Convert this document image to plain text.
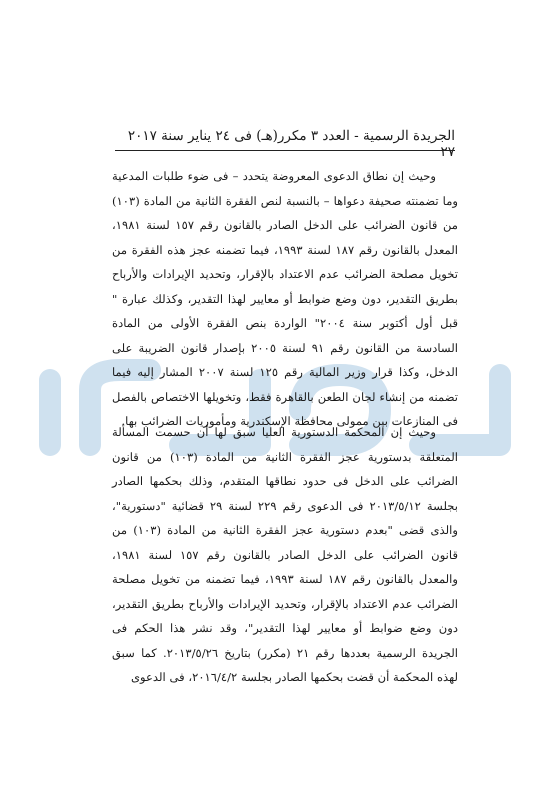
الجريدة الرسمية - العدد ٣ مكرر(هـ) فى ٢٤ يناير سنة ٢٠١٧ ٢٧

وحيث إن نطاق الدعوى المعروضة يتحدد – فى ضوء طلبات المدعية وما تضمنته صحيفة دعواها – بالنسبة لنص الفقرة الثانية من المادة (١٠٣) من قانون الضرائب على الدخل الصادر بالقانون رقم ١٥٧ لسنة ١٩٨١، المعدل بالقانون رقم ١٨٧ لسنة ١٩٩٣، فيما تضمنه عجز هذه الفقرة من تخويل مصلحة الضرائب عدم الاعتداد بالإقرار، وتحديد الإيرادات والأرباح بطريق التقدير، دون وضع ضوابط أو معايير لهذا التقدير، وكذلك عبارة " قبل أول أكتوبر سنة ٢٠٠٤" الواردة بنص الفقرة الأولى من المادة السادسة من القانون رقم ٩١ لسنة ٢٠٠٥ بإصدار قانون الضريبة على الدخل، وكذا قرار وزير المالية رقم ١٢٥ لسنة ٢٠٠٧ المشار إليه فيما تضمنه من إنشاء لجان الطعن بالقاهرة فقط، وتخويلها الاختصاص بالفصل فى المنازعات بين ممولى محافظة الإسكندرية ومأموريات الضرائب بها.

وحيث إن المحكمة الدستورية العليا سبق لها أن حسمت المسألة المتعلقة بدستورية عجز الفقرة الثانية من المادة (١٠٣) من قانون الضرائب على الدخل فى حدود نطاقها المتقدم، وذلك بحكمها الصادر بجلسة ٢٠١٣/٥/١٢ فى الدعوى رقم ٢٢٩ لسنة ٢٩ قضائية "دستورية"، والذى قضى "بعدم دستورية عجز الفقرة الثانية من المادة (١٠٣) من قانون الضرائب على الدخل الصادر بالقانون رقم ١٥٧ لسنة ١٩٨١، والمعدل بالقانون رقم ١٨٧ لسنة ١٩٩٣، فيما تضمنه من تخويل مصلحة الضرائب عدم الاعتداد بالإقرار، وتحديد الإيرادات والأرباح بطريق التقدير، دون وضع ضوابط أو معايير لهذا التقدير"، وقد نشر هذا الحكم فى الجريدة الرسمية بعددها رقم ٢١ (مكرر) بتاريخ ٢٠١٣/٥/٢٦. كما سبق لهذه المحكمة أن قضت بحكمها الصادر بجلسة ٢٠١٦/٤/٢، فى الدعوى
